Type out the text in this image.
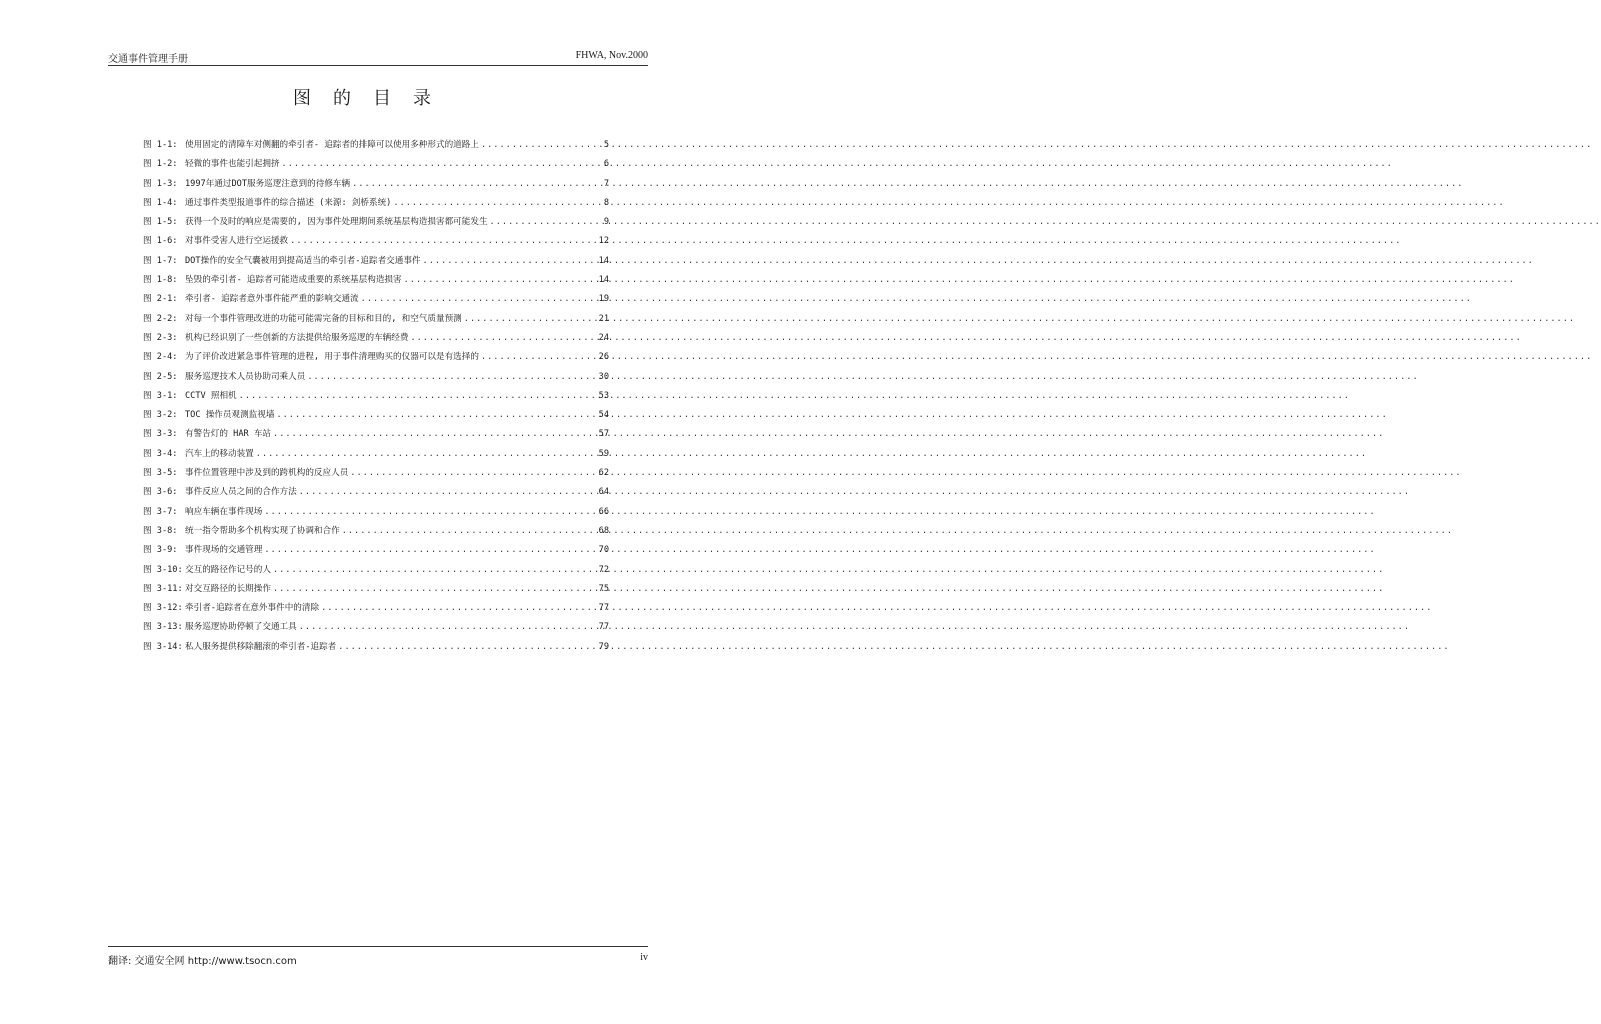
交通事件管理手册	FHWA, Nov.2000
图的目录
图 1-1: 使用固定的清障车对侧翻的牵引者- 追踪者的排障可以使用多种形式的道路上 .....	5
图 1-2: 轻微的事件也能引起拥挤 .....	6
图 1-3: 1997年通过DOT服务巡逻注意到的待修车辆 .....	7
图 1-4: 通过事件类型报道事件的综合描述 (来源: 剑桥系统) .....	8
图 1-5: 获得一个及时的响应是需要的, 因为事件处理期间系统基层构造损害都可能发生 .....	9
图 1-6: 对事件受害人进行空运援救 .....	12
图 1-7: DOT操作的安全气囊被用到提高适当的牵引者-追踪者交通事件 .....	14
图 1-8: 坠毁的牵引者- 追踪者可能造成重要的系统基层构造损害 .....	14
图 2-1: 牵引者- 追踪者意外事件能严重的影响交通流 .....	19
图 2-2: 对每一个事件管理改进的功能可能需完备的目标和目的, 和空气质量预测 .....	21
图 2-3: 机构已经识别了一些创新的方法提供给服务巡逻的车辆经费 .....	24
图 2-4: 为了评价改进紧急事件管理的进程, 用于事件清理购买的仪器可以是有选择的 .....	26
图 2-5: 服务巡逻技术人员协助司乘人员 .....	30
图 3-1: CCTV 照相机 .....	53
图 3-2: TOC 操作员观测监视墙 .....	54
图 3-3: 有警告灯的 HAR 车站 .....	57
图 3-4: 汽车上的移动装置 .....	59
图 3-5: 事件位置管理中涉及到的跨机构的反应人员 .....	62
图 3-6: 事件反应人员之间的合作方法 .....	64
图 3-7: 响应车辆在事件现场 .....	66
图 3-8: 统一指令帮助多个机构实现了协调和合作 .....	68
图 3-9: 事件现场的交通管理 .....	70
图 3-10: 交互的路径作记号的人 .....	72
图 3-11: 对交互路径的长期操作 .....	75
图 3-12: 牵引者-追踪者在意外事件中的清除 .....	77
图 3-13: 服务巡逻协助停顿了交通工具 .....	77
图 3-14: 私人服务提供移除翻滚的牵引者-追踪者 .....	79
翻译: 交通安全网 http://www.tsocn.com	iv
